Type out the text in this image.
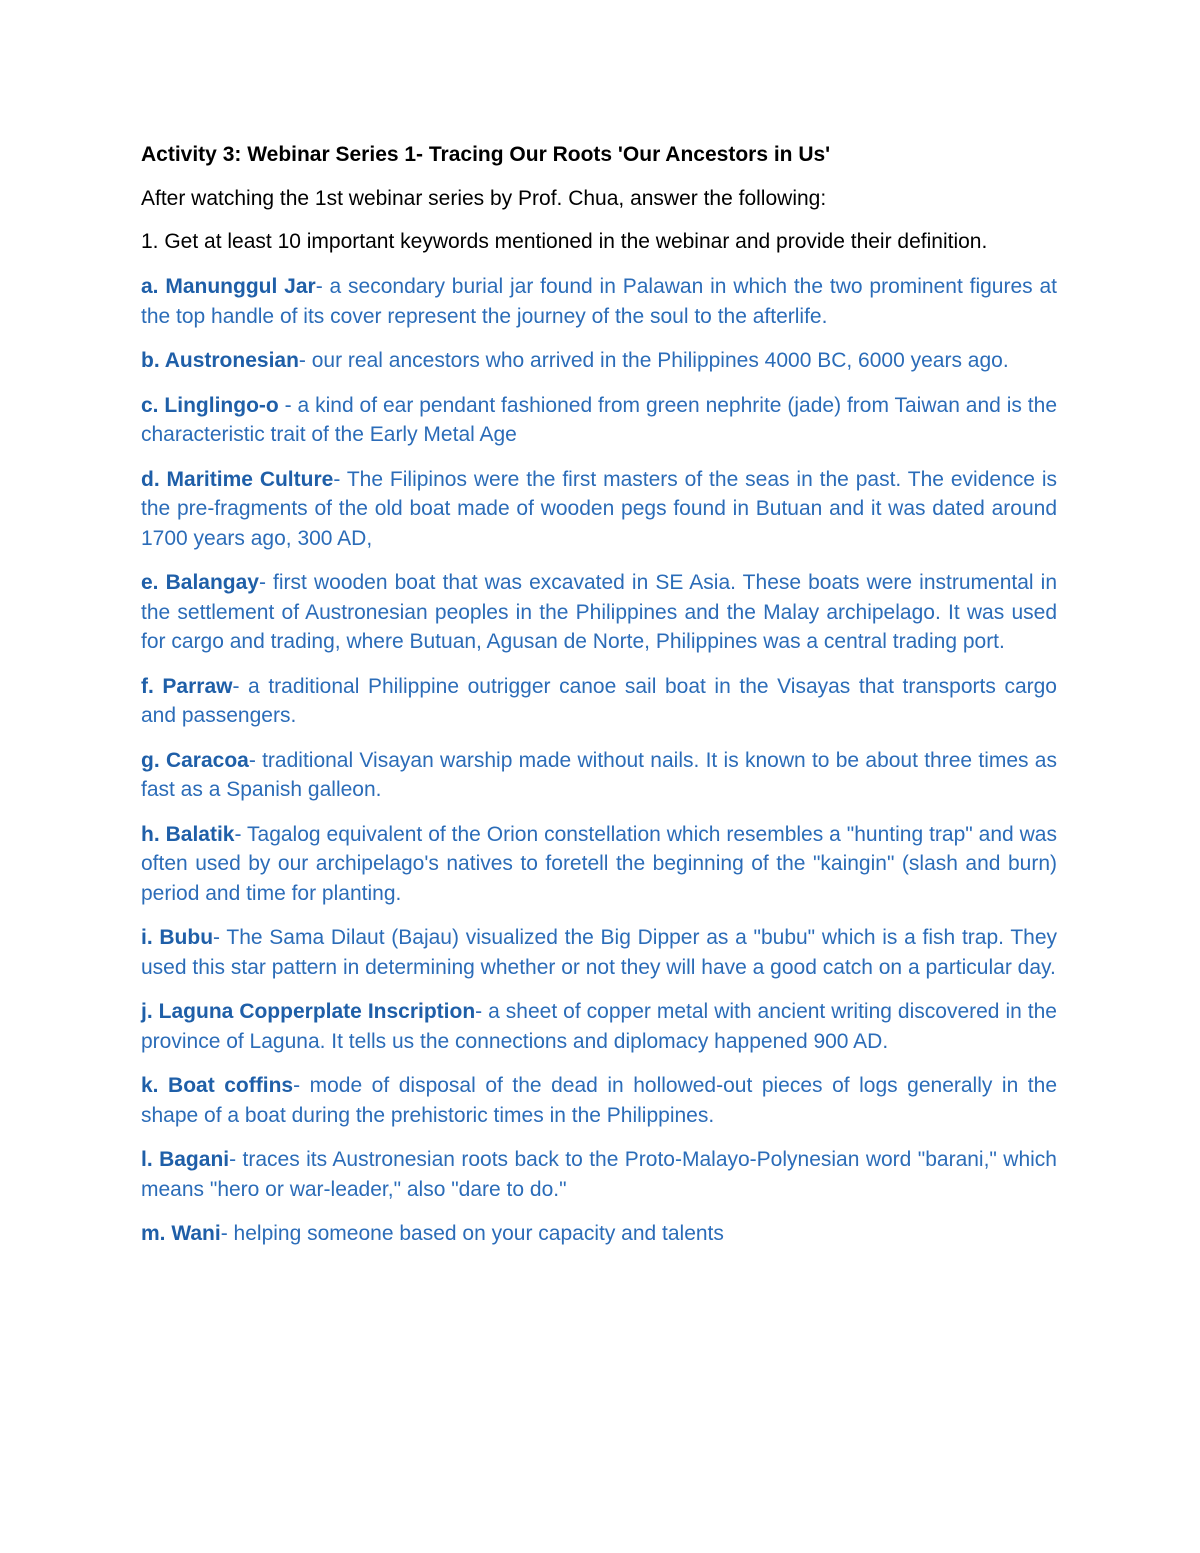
Activity 3: Webinar Series 1- Tracing Our Roots 'Our Ancestors in Us'

After watching the 1st webinar series by Prof. Chua, answer the following:

1. Get at least 10 important keywords mentioned in the webinar and provide their definition.

a. Manunggul Jar- a secondary burial jar found in Palawan in which the two prominent figures at the top handle of its cover represent the journey of the soul to the afterlife.
b. Austronesian- our real ancestors who arrived in the Philippines 4000 BC, 6000 years ago.
c. Linglingo-o - a kind of ear pendant fashioned from green nephrite (jade) from Taiwan and is the characteristic trait of the Early Metal Age
d. Maritime Culture- The Filipinos were the first masters of the seas in the past. The evidence is the pre-fragments of the old boat made of wooden pegs found in Butuan and it was dated around 1700 years ago, 300 AD,
e. Balangay- first wooden boat that was excavated in SE Asia. These boats were instrumental in the settlement of Austronesian peoples in the Philippines and the Malay archipelago. It was used for cargo and trading, where Butuan, Agusan de Norte, Philippines was a central trading port.
f. Parraw- a traditional Philippine outrigger canoe sail boat in the Visayas that transports cargo and passengers.
g. Caracoa- traditional Visayan warship made without nails. It is known to be about three times as fast as a Spanish galleon.
h. Balatik- Tagalog equivalent of the Orion constellation which resembles a "hunting trap" and was often used by our archipelago's natives to foretell the beginning of the "kaingin" (slash and burn) period and time for planting.
i. Bubu- The Sama Dilaut (Bajau) visualized the Big Dipper as a "bubu" which is a fish trap. They used this star pattern in determining whether or not they will have a good catch on a particular day.
j. Laguna Copperplate Inscription- a sheet of copper metal with ancient writing discovered in the province of Laguna. It tells us the connections and diplomacy happened 900 AD.
k. Boat coffins- mode of disposal of the dead in hollowed-out pieces of logs generally in the shape of a boat during the prehistoric times in the Philippines.
l. Bagani- traces its Austronesian roots back to the Proto-Malayo-Polynesian word "barani," which means "hero or war-leader," also "dare to do."
m. Wani- helping someone based on your capacity and talents
